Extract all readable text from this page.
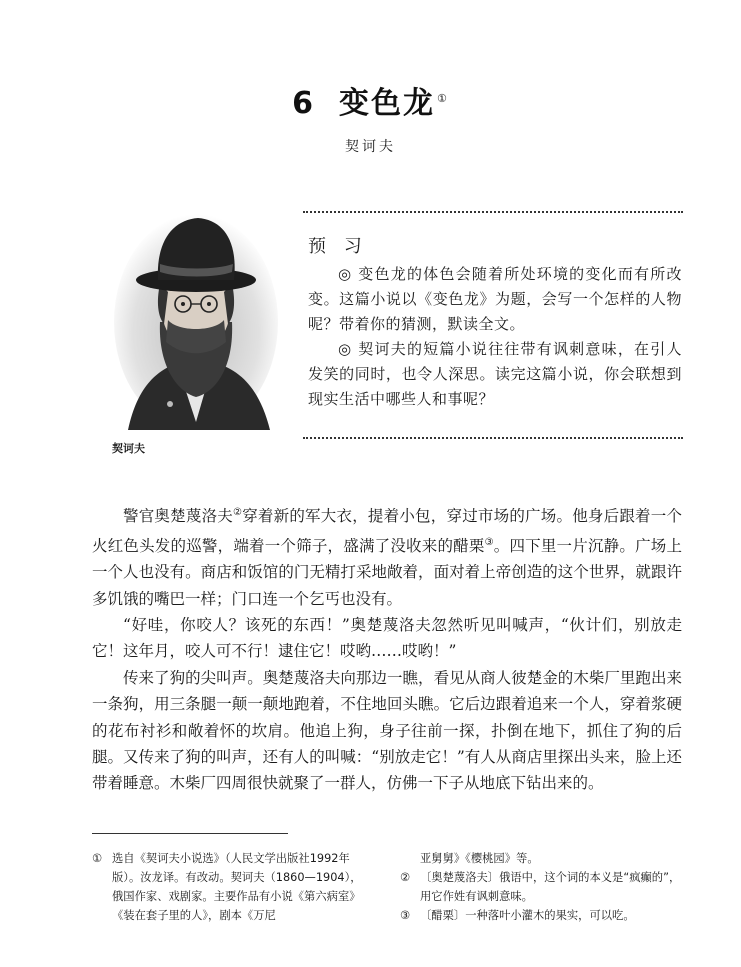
6 变色龙 ①
契诃夫
契诃夫
预 习

◎ 变色龙的体色会随着所处环境的变化而有所改变。这篇小说以《变色龙》为题，会写一个怎样的人物呢？带着你的猜测，默读全文。

◎ 契诃夫的短篇小说往往带有讽刺意味，在引人发笑的同时，也令人深思。读完这篇小说，你会联想到现实生活中哪些人和事呢？

警官奥楚蔑洛夫②穿着新的军大衣，提着小包，穿过市场的广场。他身后跟着一个火红色头发的巡警，端着一个筛子，盛满了没收来的醋栗③。四下里一片沉静。广场上一个人也没有。商店和饭馆的门无精打采地敞着，面对着上帝创造的这个世界，就跟许多饥饿的嘴巴一样；门口连一个乞丐也没有。

“好哇，你咬人？该死的东西！”奥楚蔑洛夫忽然听见叫喊声，“伙计们，别放走它！这年月，咬人可不行！逮住它！哎哟……哎哟！”

传来了狗的尖叫声。奥楚蔑洛夫向那边一瞧，看见从商人彼楚金的木柴厂里跑出来一条狗，用三条腿一颠一颠地跑着，不住地回头瞧。它后边跟着追来一个人，穿着浆硬的花布衬衫和敞着怀的坎肩。他追上狗，身子往前一探，扑倒在地下，抓住了狗的后腿。又传来了狗的叫声，还有人的叫喊：“别放走它！”有人从商店里探出头来，脸上还带着睡意。木柴厂四周很快就聚了一群人，仿佛一下子从地底下钻出来的。

① 选自《契诃夫小说选》（人民文学出版社1992年版）。汝龙译。有改动。契诃夫（1860—1904），俄国作家、戏剧家。主要作品有小说《第六病室》《装在套子里的人》，剧本《万尼

亚舅舅》《樱桃园》等。

② 〔奥楚蔑洛夫〕俄语中，这个词的本义是“疯癫的”，用它作姓有讽刺意味。

③ 〔醋栗〕一种落叶小灌木的果实，可以吃。
